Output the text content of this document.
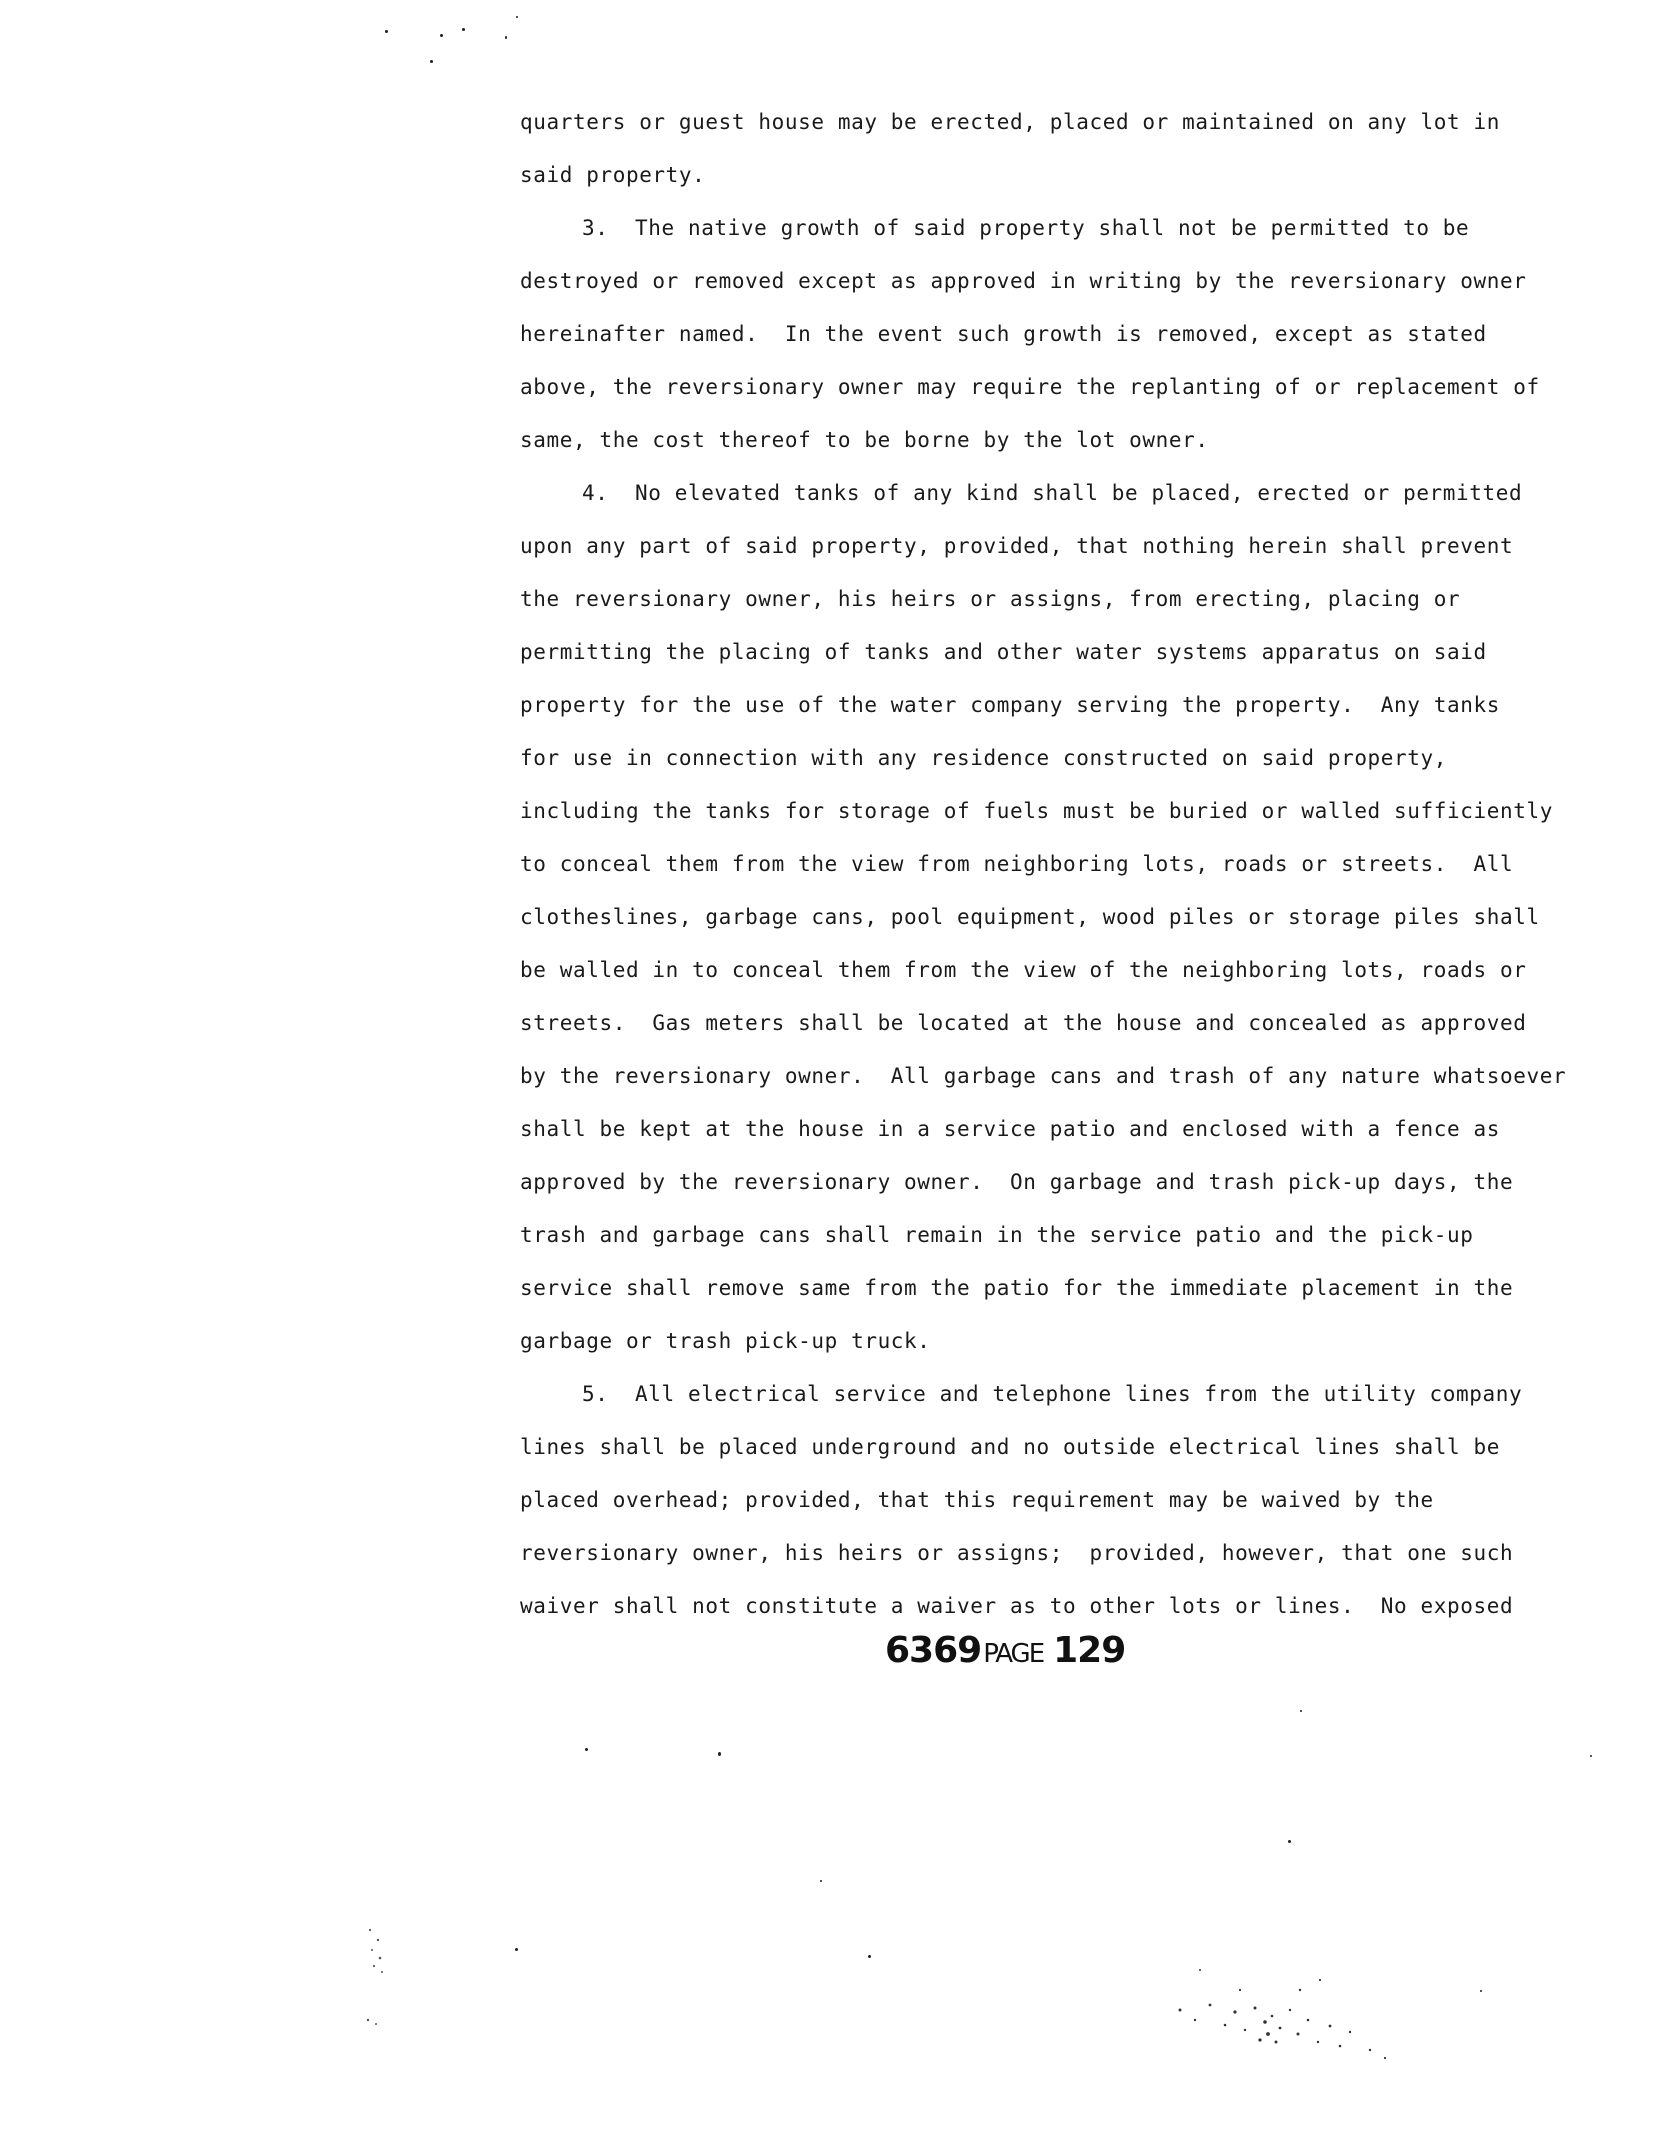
quarters or guest house may be erected, placed or maintained on any lot in
said property.
3.  The native growth of said property shall not be permitted to be
destroyed or removed except as approved in writing by the reversionary owner
hereinafter named.  In the event such growth is removed, except as stated
above, the reversionary owner may require the replanting of or replacement of
same, the cost thereof to be borne by the lot owner.
4.  No elevated tanks of any kind shall be placed, erected or permitted
upon any part of said property, provided, that nothing herein shall prevent
the reversionary owner, his heirs or assigns, from erecting, placing or
permitting the placing of tanks and other water systems apparatus on said
property for the use of the water company serving the property.  Any tanks
for use in connection with any residence constructed on said property,
including the tanks for storage of fuels must be buried or walled sufficiently
to conceal them from the view from neighboring lots, roads or streets.  All
clotheslines, garbage cans, pool equipment, wood piles or storage piles shall
be walled in to conceal them from the view of the neighboring lots, roads or
streets.  Gas meters shall be located at the house and concealed as approved
by the reversionary owner.  All garbage cans and trash of any nature whatsoever
shall be kept at the house in a service patio and enclosed with a fence as
approved by the reversionary owner.  On garbage and trash pick-up days, the
trash and garbage cans shall remain in the service patio and the pick-up
service shall remove same from the patio for the immediate placement in the
garbage or trash pick-up truck.
5.  All electrical service and telephone lines from the utility company
lines shall be placed underground and no outside electrical lines shall be
placed overhead; provided, that this requirement may be waived by the
reversionary owner, his heirs or assigns;  provided, however, that one such
waiver shall not constitute a waiver as to other lots or lines.  No exposed
6369PAGE 129
